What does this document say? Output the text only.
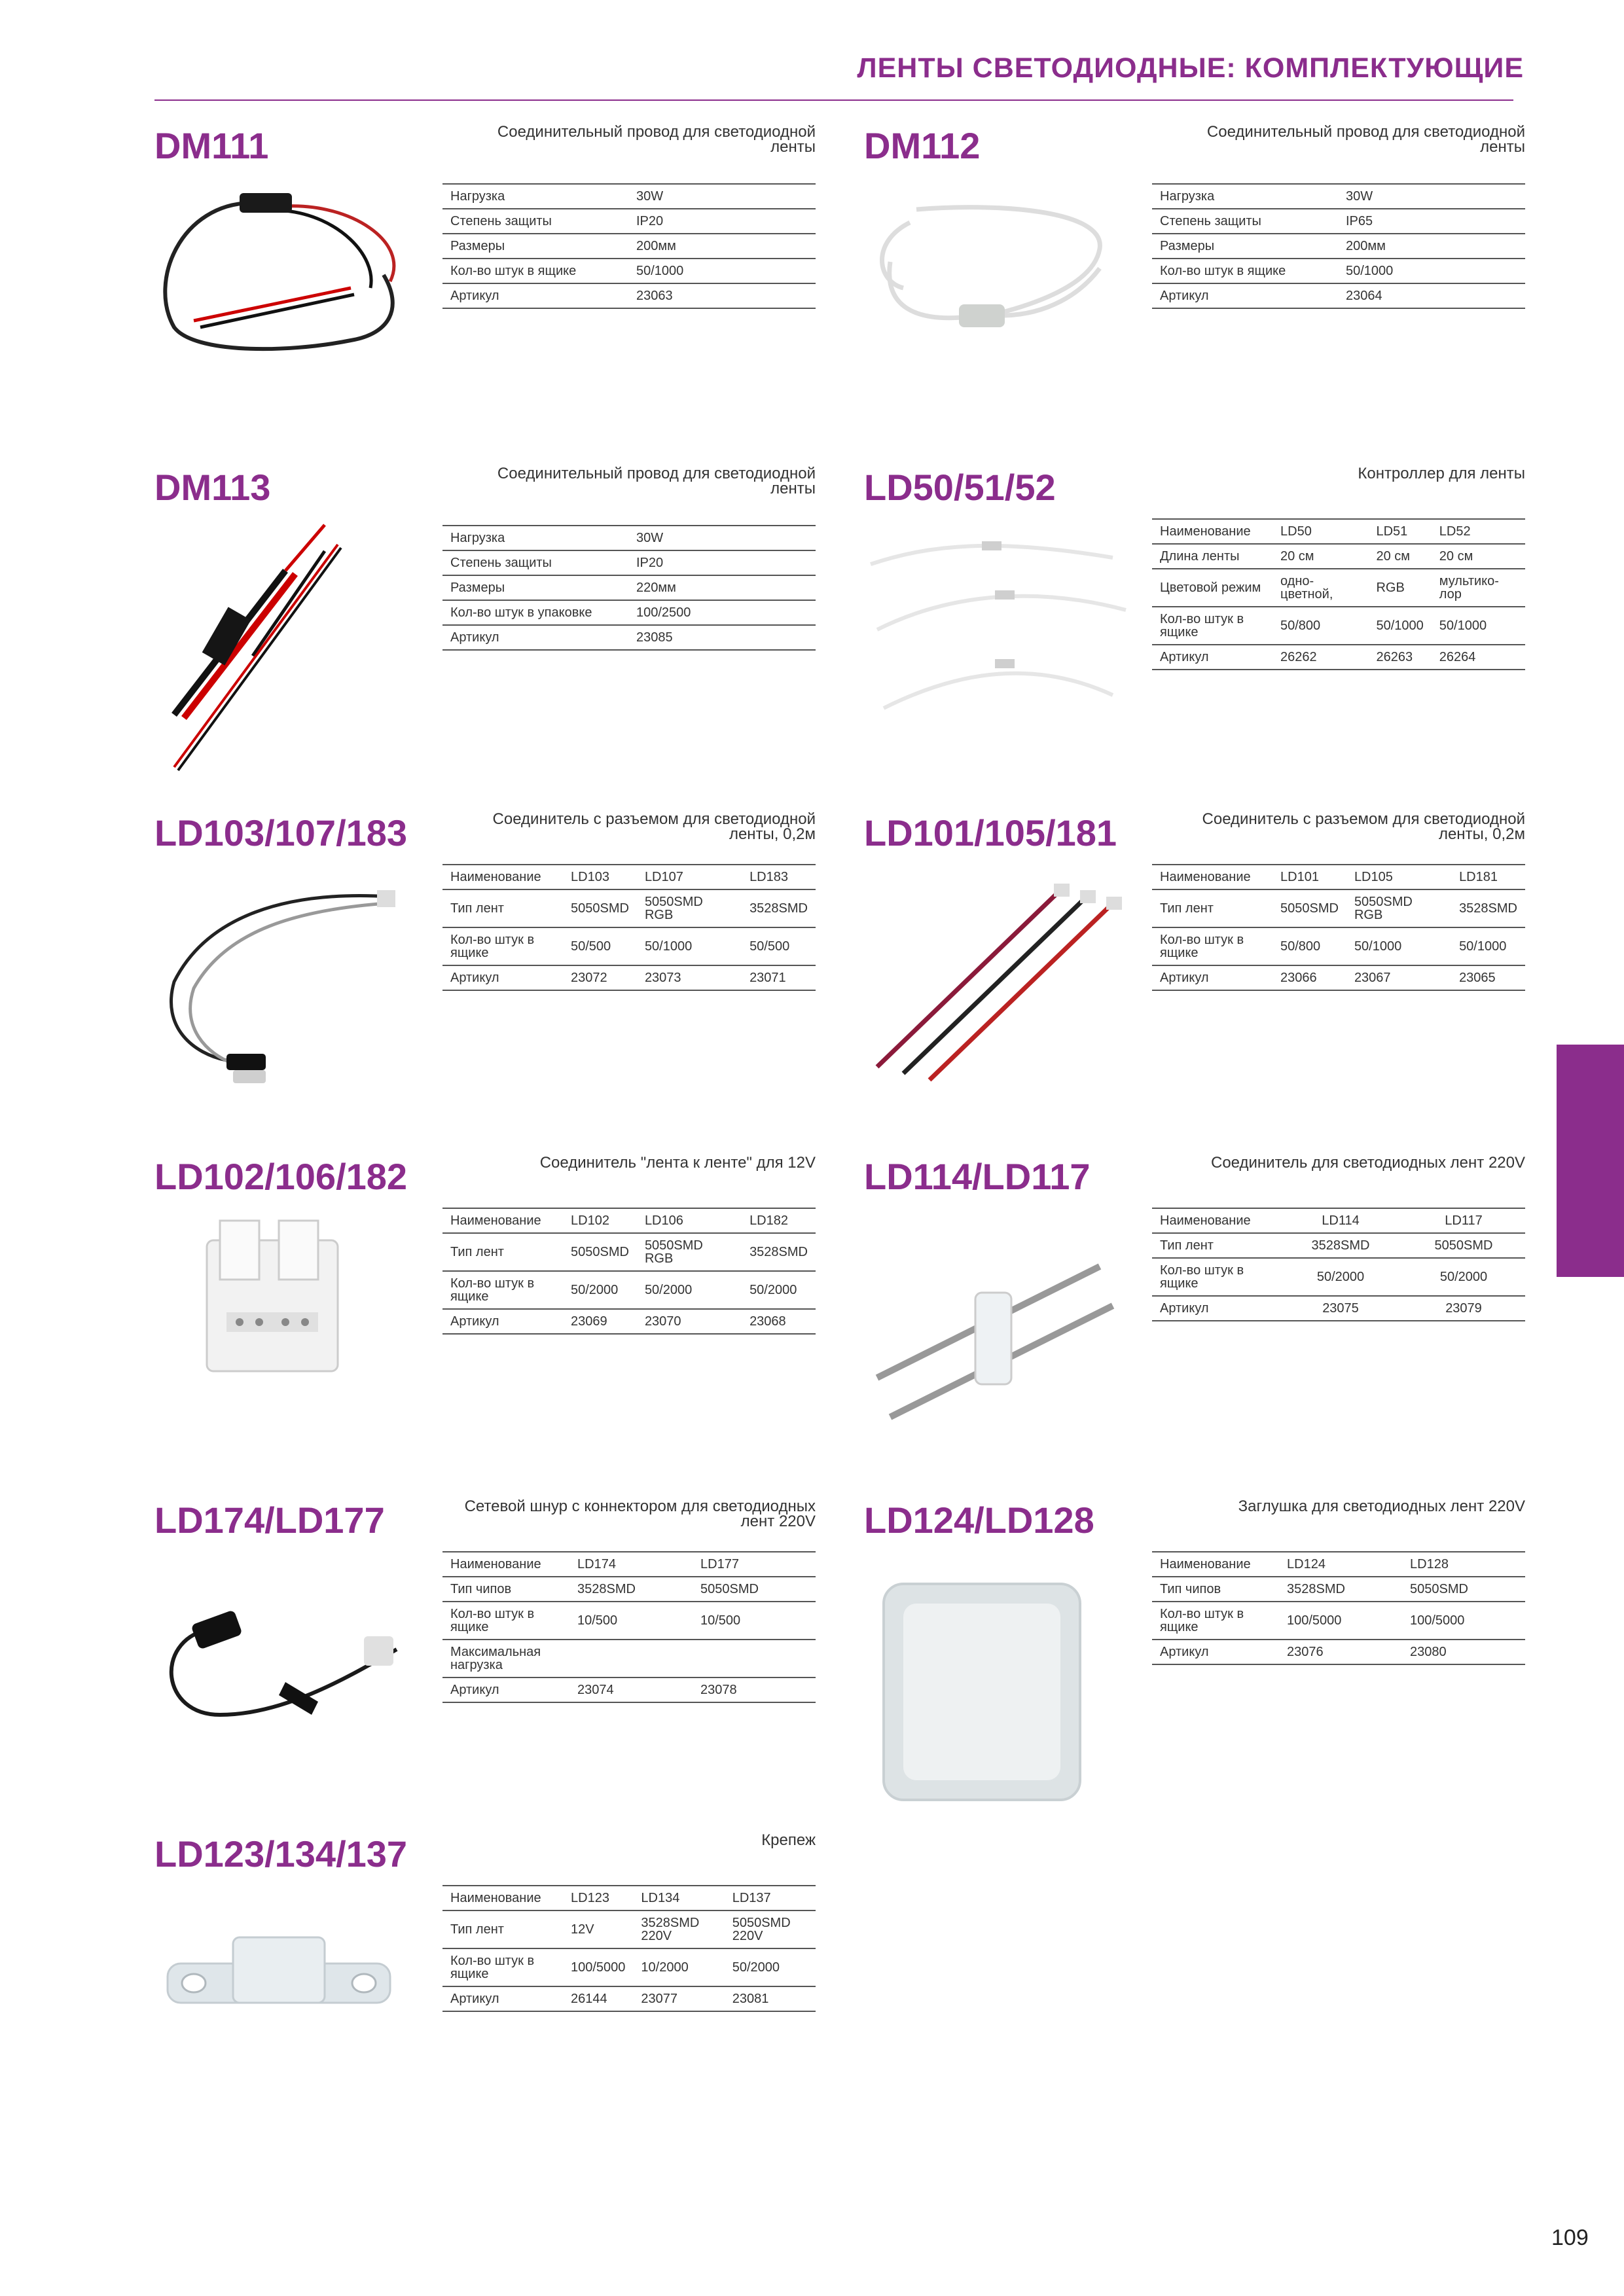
ЛЕНТЫ СВЕТОДИОДНЫЕ: КОМПЛЕКТУЮЩИЕ
109
DM111	Соединительный провод для светодиодной ленты
Нагрузка	30W
Степень защиты	IP20
Размеры	200мм
Кол-во штук в ящике	50/1000
Артикул	23063
DM112	Соединительный провод для светодиодной ленты
Нагрузка	30W
Степень защиты	IP65
Размеры	200мм
Кол-во штук в ящике	50/1000
Артикул	23064
DM113	Соединительный провод для светодиодной ленты
Нагрузка	30W
Степень защиты	IP20
Размеры	220мм
Кол-во штук в упаковке	100/2500
Артикул	23085
LD50/51/52	Контроллер для ленты
Наименование	LD50	LD51	LD52
Длина ленты	20 см	20 см	20 см
Цветовой режим	одно-цветной,	RGB	мультико-лор
Кол-во штук в ящике	50/800	50/1000	50/1000
Артикул	26262	26263	26264
LD103/107/183	Соединитель с разъемом для светодиодной ленты, 0,2м
Наименование	LD103	LD107	LD183
Тип лент	5050SMD	5050SMD RGB	3528SMD
Кол-во штук в ящике	50/500	50/1000	50/500
Артикул	23072	23073	23071
LD101/105/181	Соединитель с разъемом для светодиодной ленты, 0,2м
Наименование	LD101	LD105	LD181
Тип лент	5050SMD	5050SMD RGB	3528SMD
Кол-во штук в ящике	50/800	50/1000	50/1000
Артикул	23066	23067	23065
LD102/106/182	Соединитель "лента к ленте" для 12V
Наименование	LD102	LD106	LD182
Тип лент	5050SMD	5050SMD RGB	3528SMD
Кол-во штук в ящике	50/2000	50/2000	50/2000
Артикул	23069	23070	23068
LD114/LD117	Соединитель для светодиодных лент 220V
Наименование	LD114	LD117
Тип лент	3528SMD	5050SMD
Кол-во штук в ящике	50/2000	50/2000
Артикул	23075	23079
LD174/LD177	Сетевой шнур с коннектором для светодиодных лент 220V
Наименование	LD174	LD177
Тип чипов	3528SMD	5050SMD
Кол-во штук в ящике	10/500	10/500
Максимальная нагрузка		
Артикул	23074	23078
LD124/LD128	Заглушка для светодиодных лент 220V
Наименование	LD124	LD128
Тип чипов	3528SMD	5050SMD
Кол-во штук в ящике	100/5000	100/5000
Артикул	23076	23080
LD123/134/137	Крепеж
Наименование	LD123	LD134	LD137
Тип лент	12V	3528SMD 220V	5050SMD 220V
Кол-во штук в ящике	100/5000	10/2000	50/2000
Артикул	26144	23077	23081
